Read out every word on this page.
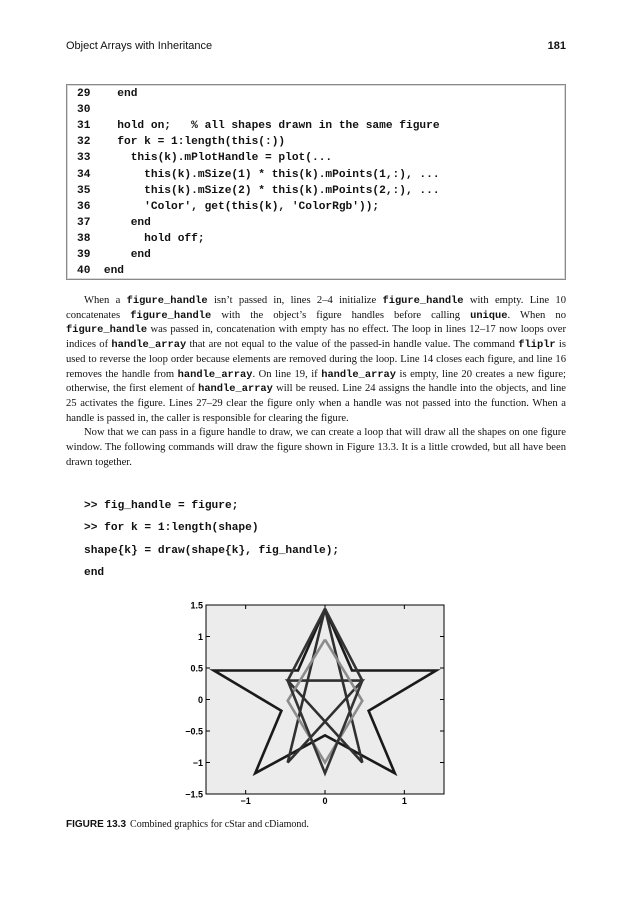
Object Arrays with Inheritance	181
29    end
30
31    hold on;   % all shapes drawn in the same figure
32    for k = 1:length(this(:))
33      this(k).mPlotHandle = plot(...
34        this(k).mSize(1) * this(k).mPoints(1,:), ...
35        this(k).mSize(2) * this(k).mPoints(2,:), ...
36        'Color', get(this(k), 'ColorRgb'));
37      end
38        hold off;
39      end
40  end

When a figure_handle isn’t passed in, lines 2–4 initialize figure_handle with empty. Line 10 concatenates figure_handle with the object’s figure handles before calling unique. When no figure_handle was passed in, concatenation with empty has no effect. The loop in lines 12–17 now loops over indices of handle_array that are not equal to the value of the passed-in handle value. The command fliplr is used to reverse the loop order because elements are removed during the loop. Line 14 closes each figure, and line 16 removes the handle from handle_array. On line 19, if handle_array is empty, line 20 creates a new figure; otherwise, the first element of handle_array will be reused. Line 24 assigns the handle into the objects, and line 25 activates the figure. Lines 27–29 clear the figure only when a handle was not passed into the function. When a handle is passed in, the caller is responsible for clearing the figure.

Now that we can pass in a figure handle to draw, we can create a loop that will draw all the shapes on one figure window. The following commands will draw the figure shown in Figure 13.3. It is a little crowded, but all have been drawn together.

>> fig_handle = figure;
>> for k = 1:length(shape)
shape{k} = draw(shape{k}, fig_handle);
end
1.5
1
0.5
0
−0.5
−1
−1.5
−1	0	1
FIGURE 13.3 Combined graphics for cStar and cDiamond.
